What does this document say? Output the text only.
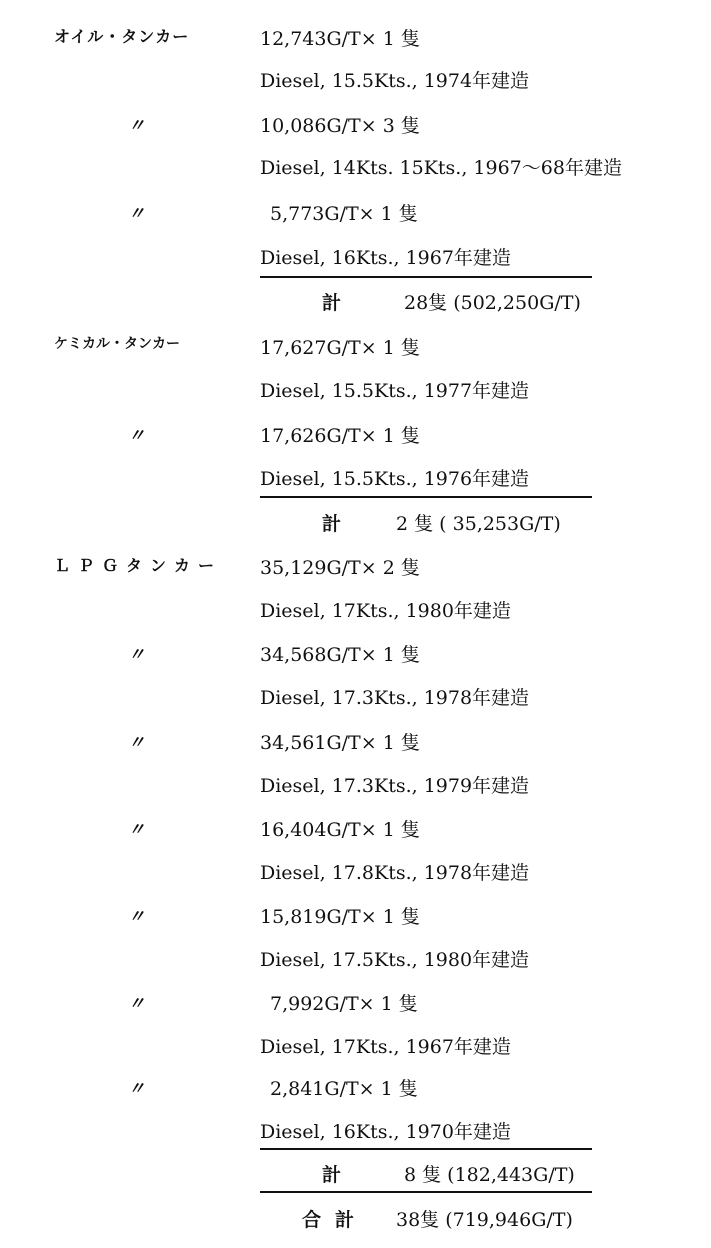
オイル・タンカー	12,743G/T× 1 隻
Diesel, 15.5Kts., 1974年建造
〃	10,086G/T× 3 隻
Diesel, 14Kts. 15Kts., 1967～68年建造
〃	5,773G/T× 1 隻
Diesel, 16Kts., 1967年建造
計	28隻 (502,250G/T)
ケミカル・タンカー	17,627G/T× 1 隻
Diesel, 15.5Kts., 1977年建造
〃	17,626G/T× 1 隻
Diesel, 15.5Kts., 1976年建造
計	2 隻 ( 35,253G/T)
ＬＰＧタンカー 35,129G/T× 2 隻
Diesel, 17Kts., 1980年建造
〃	34,568G/T× 1 隻
Diesel, 17.3Kts., 1978年建造
〃	34,561G/T× 1 隻
Diesel, 17.3Kts., 1979年建造
〃	16,404G/T× 1 隻
Diesel, 17.8Kts., 1978年建造
〃	15,819G/T× 1 隻
Diesel, 17.5Kts., 1980年建造
〃	7,992G/T× 1 隻
Diesel, 17Kts., 1967年建造
〃	2,841G/T× 1 隻
Diesel, 16Kts., 1970年建造
計	8 隻 (182,443G/T)
合計 38隻 (719,946G/T)
